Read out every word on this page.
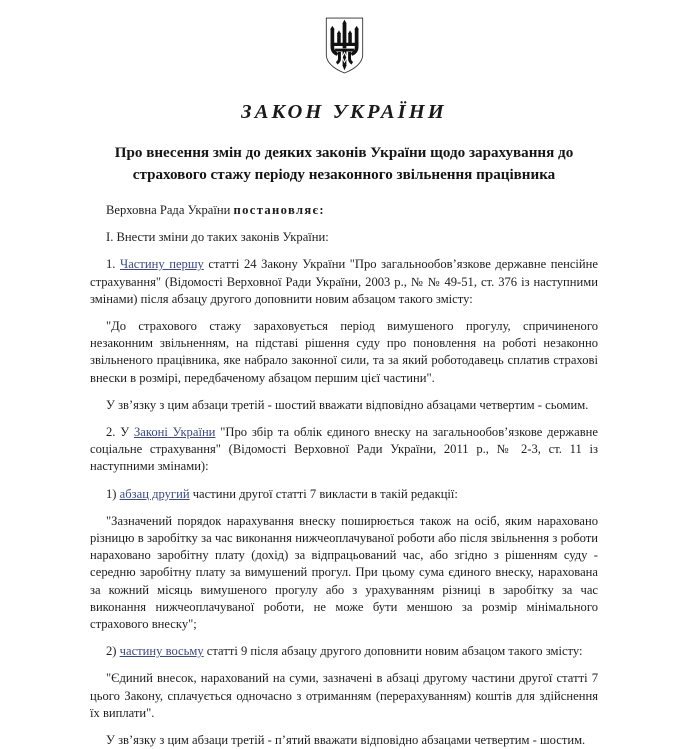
ЗАКОН УКРАЇНИ
Про внесення змін до деяких законів України щодо зарахування до страхового стажу періоду незаконного звільнення працівника

Верховна Рада України постановляє:

I. Внести зміни до таких законів України:

1. Частину першу статті 24 Закону України "Про загальнообов’язкове державне пенсійне страхування" (Відомості Верховної Ради України, 2003 р., № № 49-51, ст. 376 із наступними змінами) після абзацу другого доповнити новим абзацом такого змісту:

"До страхового стажу зараховується період вимушеного прогулу, спричиненого незаконним звільненням, на підставі рішення суду про поновлення на роботі незаконно звільненого працівника, яке набрало законної сили, та за який роботодавець сплатив страхові внески в розмірі, передбаченому абзацом першим цієї частини".

У зв’язку з цим абзаци третій - шостий вважати відповідно абзацами четвертим - сьомим.

2. У Законі України "Про збір та облік єдиного внеску на загальнообов’язкове державне соціальне страхування" (Відомості Верховної Ради України, 2011 р., № 2-3, ст. 11 із наступними змінами):

1) абзац другий частини другої статті 7 викласти в такій редакції:

"Зазначений порядок нарахування внеску поширюється також на осіб, яким нараховано різницю в заробітку за час виконання нижчеоплачуваної роботи або після звільнення з роботи нараховано заробітну плату (дохід) за відпрацьований час, або згідно з рішенням суду - середню заробітну плату за вимушений прогул. При цьому сума єдиного внеску, нарахована за кожний місяць вимушеного прогулу або з урахуванням різниці в заробітку за час виконання нижчеоплачуваної роботи, не може бути меншою за розмір мінімального страхового внеску";

2) частину восьму статті 9 після абзацу другого доповнити новим абзацом такого змісту:

"Єдиний внесок, нарахований на суми, зазначені в абзаці другому частини другої статті 7 цього Закону, сплачується одночасно з отриманням (перерахуванням) коштів для здійснення їх виплати".

У зв’язку з цим абзаци третій - п’ятий вважати відповідно абзацами четвертим - шостим.
